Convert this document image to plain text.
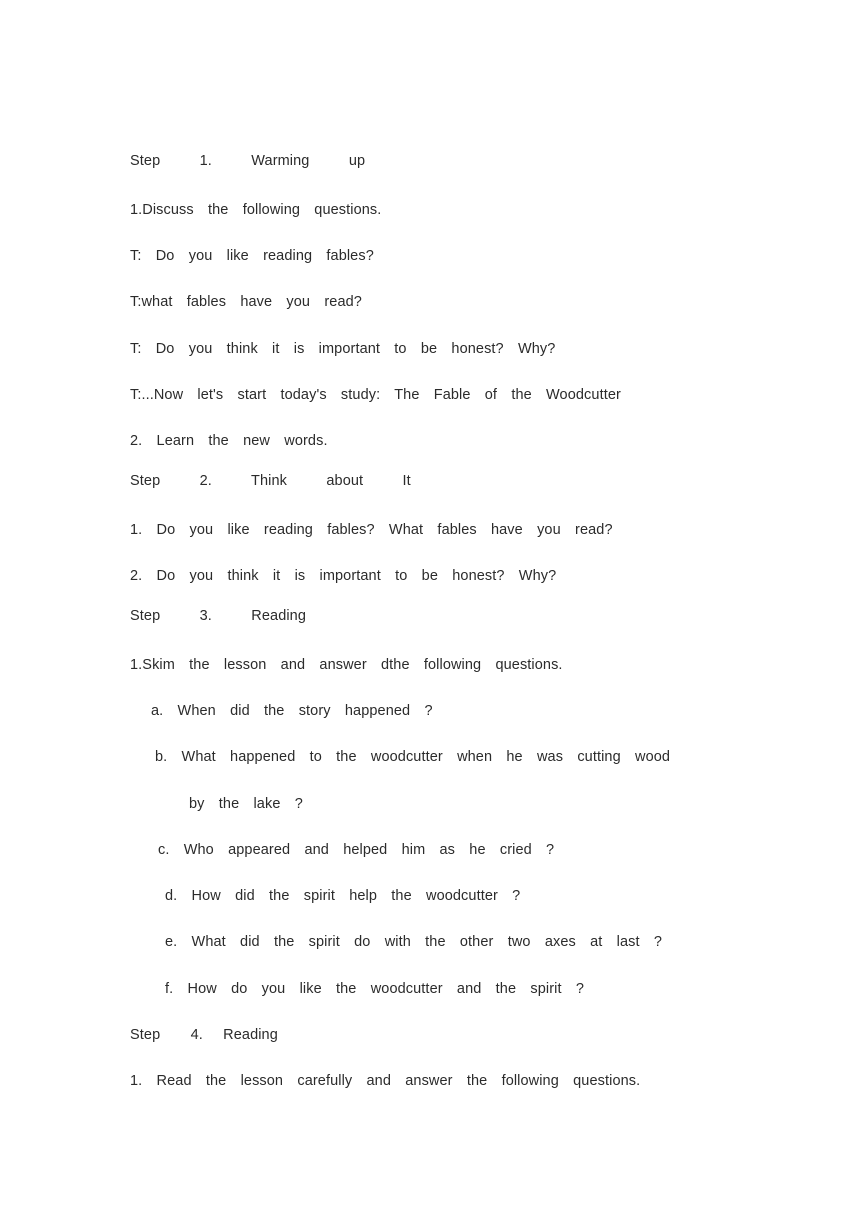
Step   1.   Warming   up
1.Discuss  the  following  questions.
T:  Do  you  like  reading  fables?
T:what  fables  have  you  read?
T:  Do  you  think  it  is  important  to  be  honest?  Why?
T:...Now  let's  start  today's  study:  The  Fable  of  the  Woodcutter
2.  Learn  the  new  words.
Step   2.   Think   about   It
1.  Do  you  like  reading  fables?  What  fables  have  you  read?
2.  Do  you  think  it  is  important  to  be  honest?  Why?
Step   3.   Reading
1.Skim  the  lesson  and  answer  dthe  following  questions.
a.  When  did  the  story  happened  ?
b.  What  happened  to  the  woodcutter  when  he  was  cutting  wood
by  the  lake  ?
c.  Who  appeared  and  helped  him  as  he  cried  ?
d.  How  did  the  spirit  help  the  woodcutter  ?
e.  What  did  the  spirit  do  with  the  other  two  axes  at  last  ?
f.  How  do  you  like  the  woodcutter  and  the  spirit  ?
Step   4.  Reading
1.  Read  the  lesson  carefully  and  answer  the  following  questions.
